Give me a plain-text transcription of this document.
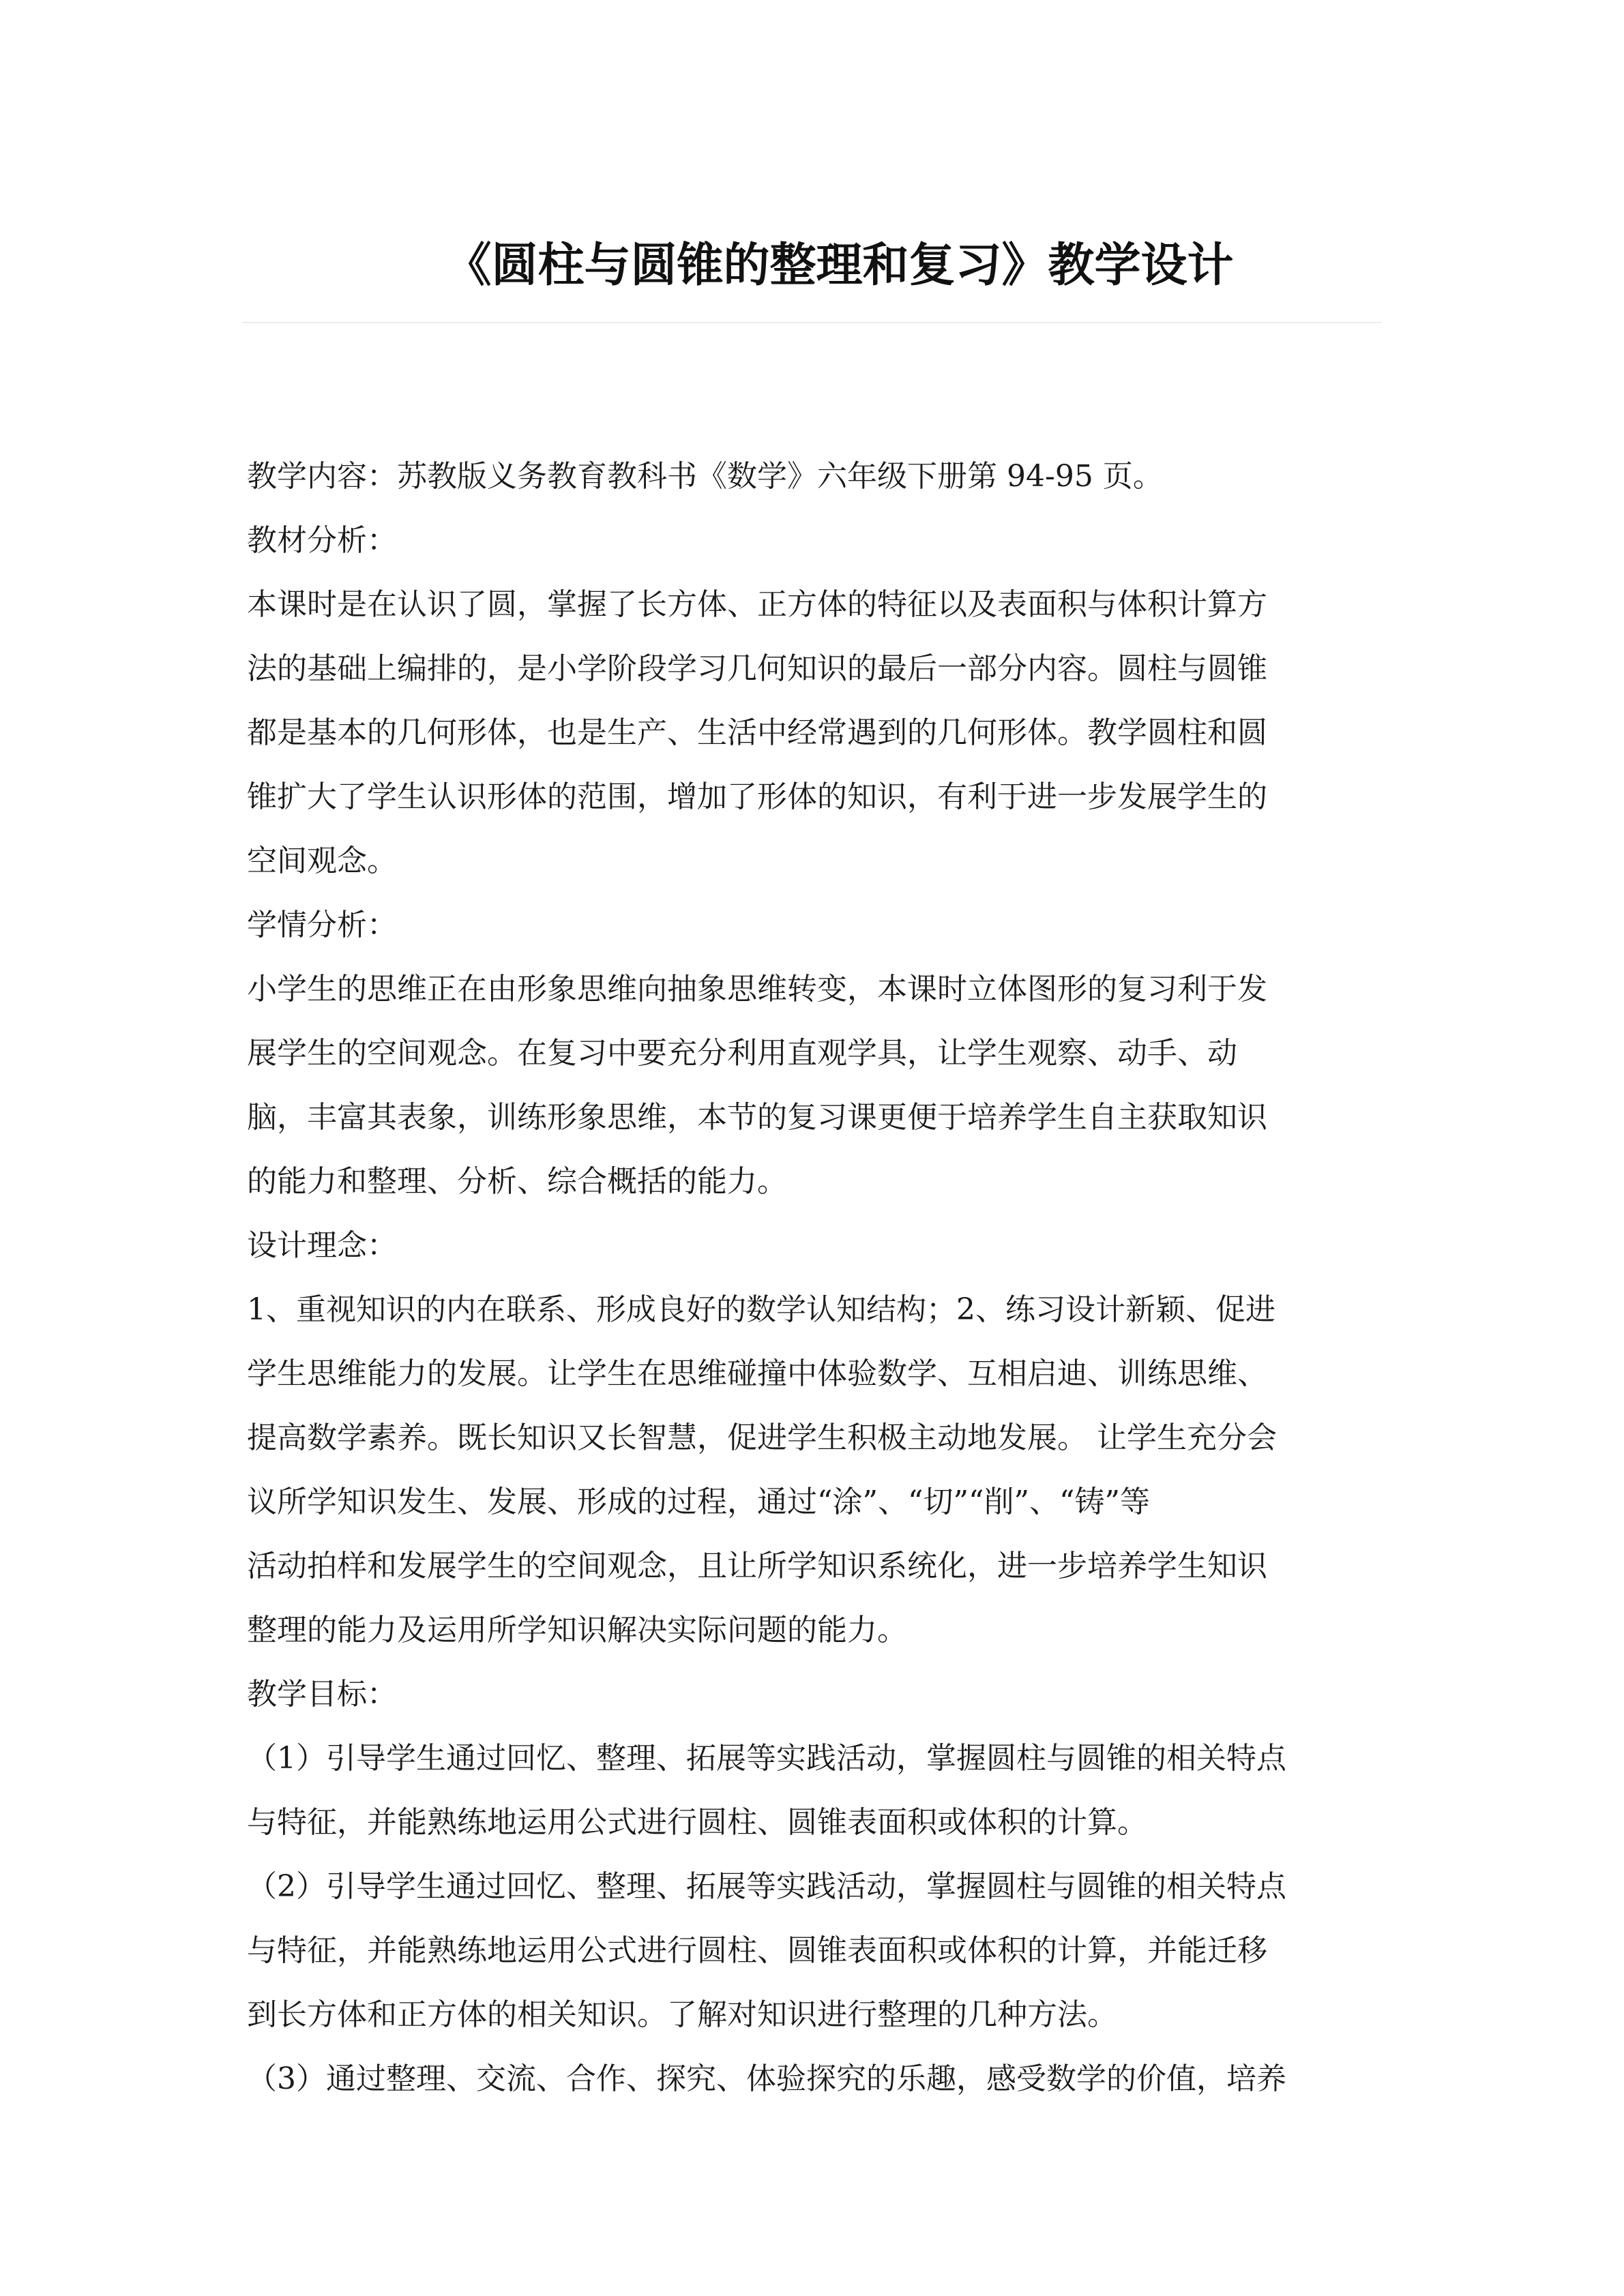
《圆柱与圆锥的整理和复习》教学设计
教学内容：苏教版义务教育教科书《数学》六年级下册第 94-95 页。
教材分析：
本课时是在认识了圆，掌握了长方体、正方体的特征以及表面积与体积计算方
法的基础上编排的，是小学阶段学习几何知识的最后一部分内容。圆柱与圆锥
都是基本的几何形体，也是生产、生活中经常遇到的几何形体。教学圆柱和圆
锥扩大了学生认识形体的范围，增加了形体的知识，有利于进一步发展学生的
空间观念。
学情分析：
小学生的思维正在由形象思维向抽象思维转变，本课时立体图形的复习利于发
展学生的空间观念。在复习中要充分利用直观学具，让学生观察、动手、动
脑，丰富其表象，训练形象思维，本节的复习课更便于培养学生自主获取知识
的能力和整理、分析、综合概括的能力。
设计理念：
1、重视知识的内在联系、形成良好的数学认知结构；2、练习设计新颖、促进
学生思维能力的发展。让学生在思维碰撞中体验数学、互相启迪、训练思维、
提高数学素养。既长知识又长智慧，促进学生积极主动地发展。 让学生充分会
议所学知识发生、发展、形成的过程，通过“涂”、“切”“削”、“铸”等
活动拍样和发展学生的空间观念，且让所学知识系统化，进一步培养学生知识
整理的能力及运用所学知识解决实际问题的能力。
教学目标：
（1）引导学生通过回忆、整理、拓展等实践活动，掌握圆柱与圆锥的相关特点
与特征，并能熟练地运用公式进行圆柱、圆锥表面积或体积的计算。
（2）引导学生通过回忆、整理、拓展等实践活动，掌握圆柱与圆锥的相关特点
与特征，并能熟练地运用公式进行圆柱、圆锥表面积或体积的计算，并能迁移
到长方体和正方体的相关知识。了解对知识进行整理的几种方法。
（3）通过整理、交流、合作、探究、体验探究的乐趣，感受数学的价值，培养
